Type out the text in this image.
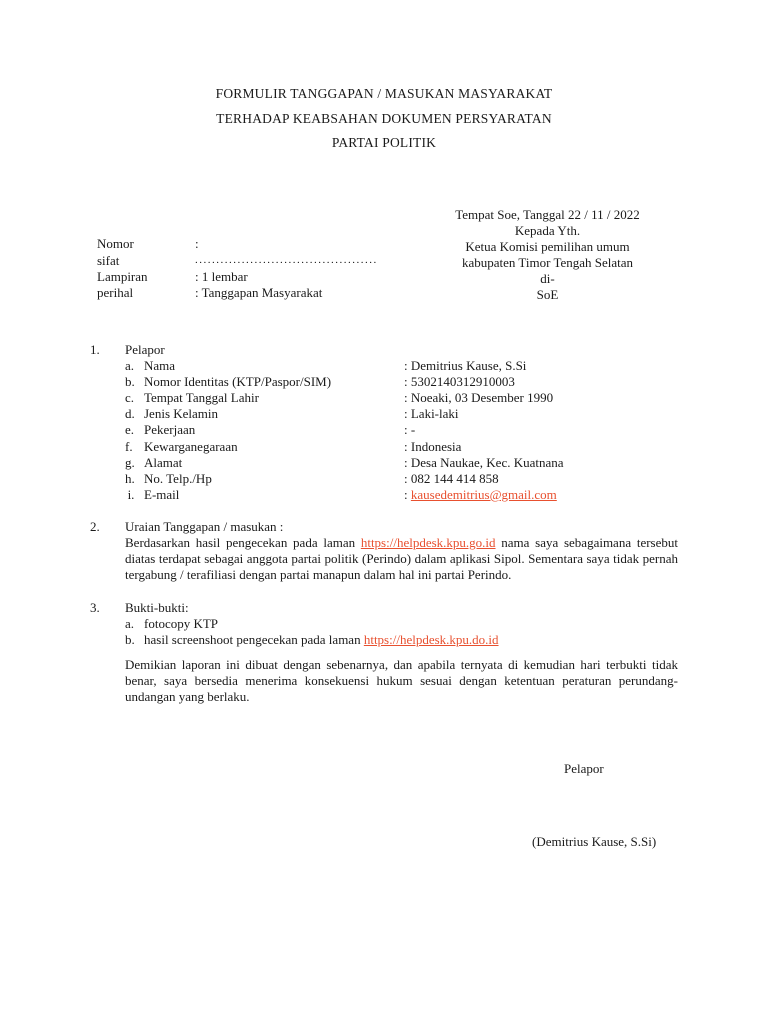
FORMULIR TANGGAPAN / MASUKAN MASYARAKAT
TERHADAP KEABSAHAN DOKUMEN PERSYARATAN
PARTAI POLITIK
Tempat Soe, Tanggal 22 / 11 / 2022
Kepada Yth.
Ketua Komisi pemilihan umum
kabupaten Timor Tengah Selatan
di-
SoE
Nomor	:
sifat	...........................................
Lampiran	: 1 lembar
perihal	: Tanggapan Masyarakat
1. Pelapor
a. Nama	: Demitrius Kause, S.Si
b. Nomor Identitas (KTP/Paspor/SIM)	: 5302140312910003
c. Tempat Tanggal Lahir	: Noeaki, 03 Desember 1990
d. Jenis Kelamin	: Laki-laki
e. Pekerjaan	: -
f. Kewarganegaraan	: Indonesia
g. Alamat	: Desa Naukae, Kec. Kuatnana
h. No. Telp./Hp	: 082 144 414 858
i. E-mail	: kausedemitrius@gmail.com
2. Uraian Tanggapan / masukan :
Berdasarkan hasil pengecekan pada laman https://helpdesk.kpu.go.id nama saya sebagaimana tersebut diatas terdapat sebagai anggota partai politik (Perindo) dalam aplikasi Sipol. Sementara saya tidak pernah tergabung / terafiliasi dengan partai manapun dalam hal ini partai Perindo.
3. Bukti-bukti:
a. fotocopy KTP
b. hasil screenshoot pengecekan pada laman https://helpdesk.kpu.do.id
Demikian laporan ini dibuat dengan sebenarnya, dan apabila ternyata di kemudian hari terbukti tidak benar, saya bersedia menerima konsekuensi hukum sesuai dengan ketentuan peraturan perundang-undangan yang berlaku.
Pelapor
(Demitrius Kause, S.Si)
